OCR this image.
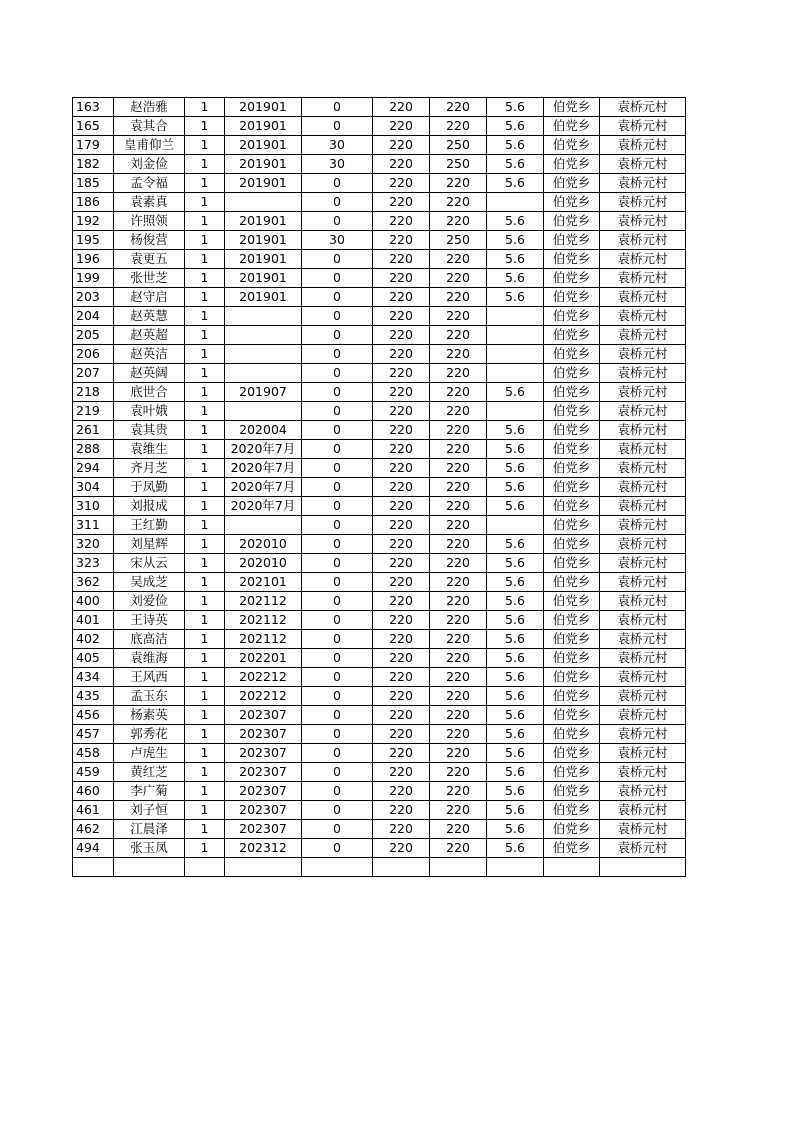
163	赵浩雅	1	201901	0	220	220	5.6	伯党乡	袁桥元村
165	袁其合	1	201901	0	220	220	5.6	伯党乡	袁桥元村
179	皇甫仰兰	1	201901	30	220	250	5.6	伯党乡	袁桥元村
182	刘金俭	1	201901	30	220	250	5.6	伯党乡	袁桥元村
185	孟令福	1	201901	0	220	220	5.6	伯党乡	袁桥元村
186	袁素真	1		0	220	220		伯党乡	袁桥元村
192	许照领	1	201901	0	220	220	5.6	伯党乡	袁桥元村
195	杨俊营	1	201901	30	220	250	5.6	伯党乡	袁桥元村
196	袁更五	1	201901	0	220	220	5.6	伯党乡	袁桥元村
199	张世芝	1	201901	0	220	220	5.6	伯党乡	袁桥元村
203	赵守启	1	201901	0	220	220	5.6	伯党乡	袁桥元村
204	赵英慧	1		0	220	220		伯党乡	袁桥元村
205	赵英超	1		0	220	220		伯党乡	袁桥元村
206	赵英洁	1		0	220	220		伯党乡	袁桥元村
207	赵英阔	1		0	220	220		伯党乡	袁桥元村
218	底世合	1	201907	0	220	220	5.6	伯党乡	袁桥元村
219	袁叶娥	1		0	220	220		伯党乡	袁桥元村
261	袁其贵	1	202004	0	220	220	5.6	伯党乡	袁桥元村
288	袁维生	1	2020年7月	0	220	220	5.6	伯党乡	袁桥元村
294	齐月芝	1	2020年7月	0	220	220	5.6	伯党乡	袁桥元村
304	于凤勤	1	2020年7月	0	220	220	5.6	伯党乡	袁桥元村
310	刘报成	1	2020年7月	0	220	220	5.6	伯党乡	袁桥元村
311	王红勤	1		0	220	220		伯党乡	袁桥元村
320	刘星辉	1	202010	0	220	220	5.6	伯党乡	袁桥元村
323	宋从云	1	202010	0	220	220	5.6	伯党乡	袁桥元村
362	吴成芝	1	202101	0	220	220	5.6	伯党乡	袁桥元村
400	刘爱俭	1	202112	0	220	220	5.6	伯党乡	袁桥元村
401	王诗英	1	202112	0	220	220	5.6	伯党乡	袁桥元村
402	底高洁	1	202112	0	220	220	5.6	伯党乡	袁桥元村
405	袁维海	1	202201	0	220	220	5.6	伯党乡	袁桥元村
434	王风西	1	202212	0	220	220	5.6	伯党乡	袁桥元村
435	孟玉东	1	202212	0	220	220	5.6	伯党乡	袁桥元村
456	杨素英	1	202307	0	220	220	5.6	伯党乡	袁桥元村
457	郭秀花	1	202307	0	220	220	5.6	伯党乡	袁桥元村
458	卢虎生	1	202307	0	220	220	5.6	伯党乡	袁桥元村
459	黄红芝	1	202307	0	220	220	5.6	伯党乡	袁桥元村
460	李广菊	1	202307	0	220	220	5.6	伯党乡	袁桥元村
461	刘子恒	1	202307	0	220	220	5.6	伯党乡	袁桥元村
462	江晨泽	1	202307	0	220	220	5.6	伯党乡	袁桥元村
494	张玉凤	1	202312	0	220	220	5.6	伯党乡	袁桥元村
